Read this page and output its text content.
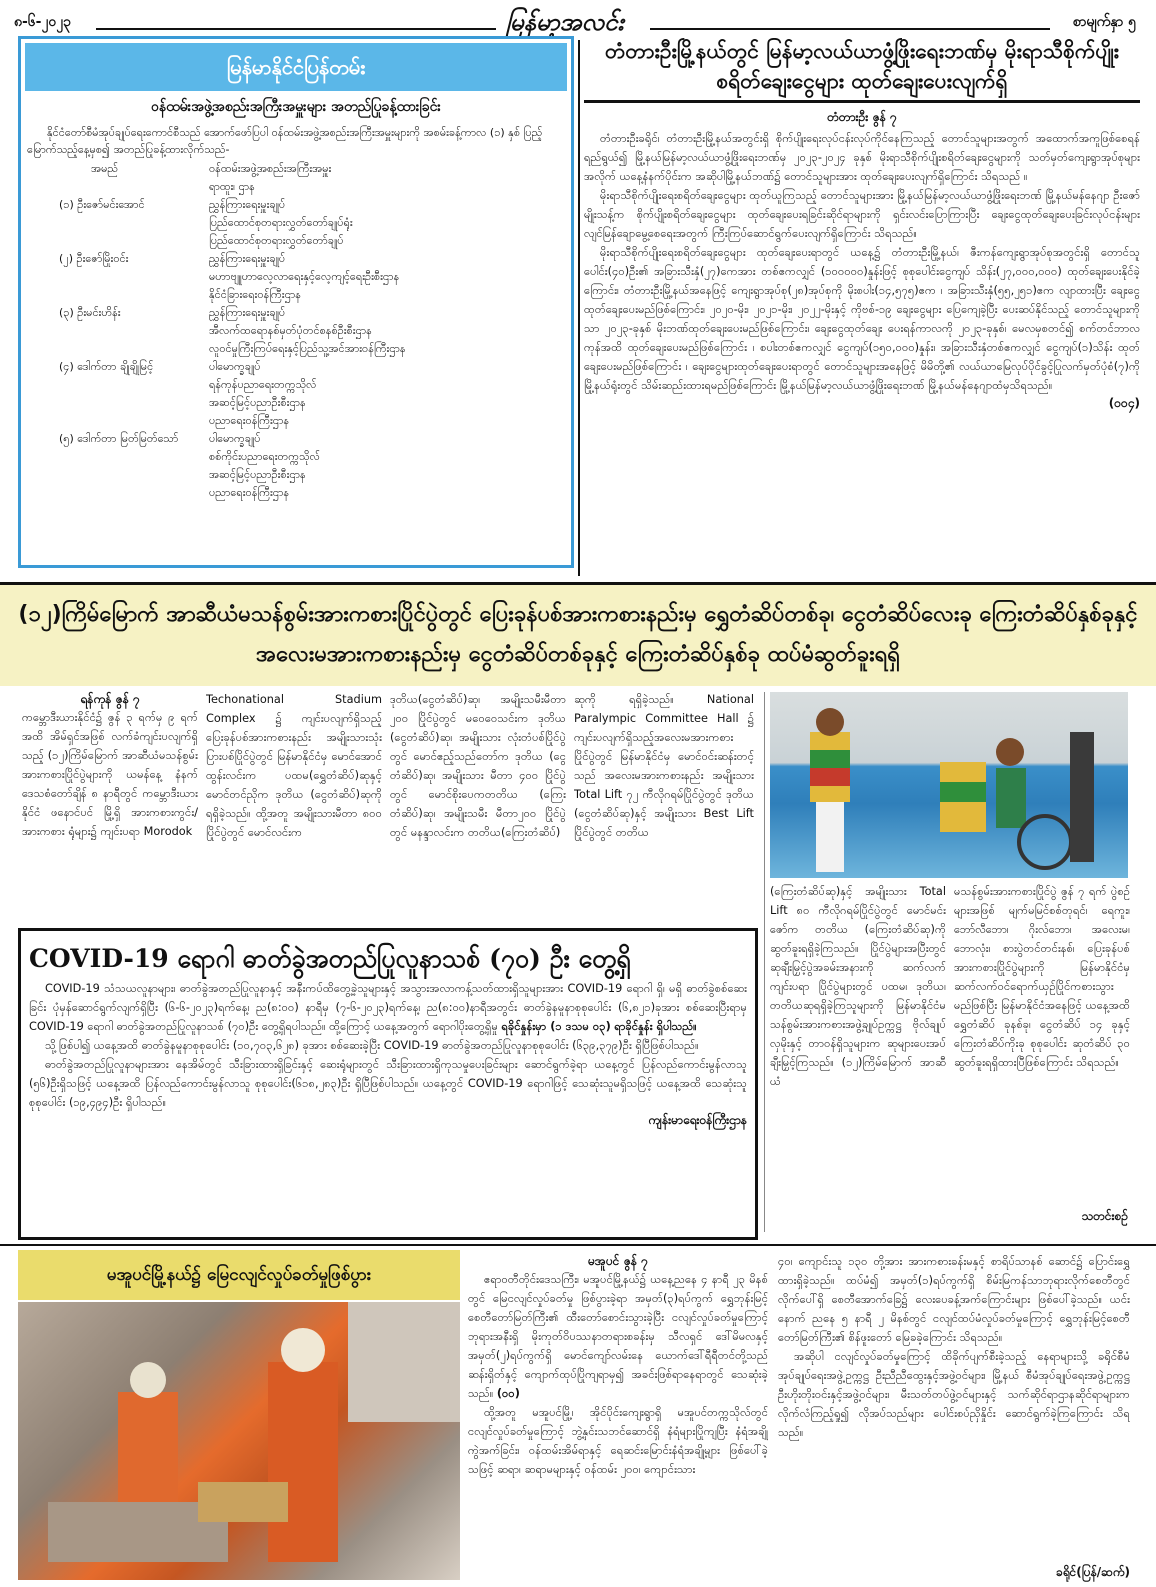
၈-၆-၂၀၂၃	မြန်မာ့အလင်း	စာမျက်နှာ ၅
မြန်မာနိုင်ငံပြန်တမ်း
ဝန်ထမ်းအဖွဲ့အစည်းအကြီးအမှူးများ အတည်ပြုခန့်ထားခြင်း
နိုင်ငံတော်စီမံအုပ်ချုပ်ရေးကောင်စီသည် အောက်ဖော်ပြပါ ဝန်ထမ်းအဖွဲ့အစည်းအကြီးအမှူးများကို အစမ်းခန့်ကာလ (၁) နှစ် ပြည့်မြောက်သည့်နေ့မှစ၍ အတည်ပြုခန့်ထားလိုက်သည်-
အမည်	ဝန်ထမ်းအဖွဲ့အစည်းအကြီးအမှူး
	ရာထူး၊ ဌာန
(၁) ဦးဇော်မင်းအောင်	ညွှန်ကြားရေးမှူးချုပ်
	ပြည်ထောင်စုတရားလွှတ်တော်ချုပ်ရုံး
	ပြည်ထောင်စုတရားလွှတ်တော်ချုပ်
(၂) ဦးဇော်မြိုးဝင်း	ညွှန်ကြားရေးမှူးချုပ်
	မဟာဗျူဟာလေ့လာရေးနှင့်လေ့ကျင့်ရေးဦးစီးဌာန
	နိုင်ငံခြားရေးဝန်ကြီးဌာန
(၃) ဦးမင်းဟိန်း	ညွှန်ကြားရေးမှူးချုပ်
	အီလက်ထရောနစ်မှတ်ပုံတင်စနစ်ဦးစီးဌာန
	လူဝင်မှုကြီးကြပ်ရေးနှင့်ပြည်သူ့အင်အားဝန်ကြီးဌာန
(၄) ဒေါက်တာ ချိုချိုမြင့်	ပါမောက္ခချုပ်
	ရန်ကုန်ပညာရေးတက္ကသိုလ်
	အဆင့်မြင့်ပညာဦးစီးဌာန
	ပညာရေးဝန်ကြီးဌာန
(၅) ဒေါက်တာ မြတ်မြတ်သော်	ပါမောက္ခချုပ်
	စစ်ကိုင်းပညာရေးတက္ကသိုလ်
	အဆင့်မြင့်ပညာဦးစီးဌာန
	ပညာရေးဝန်ကြီးဌာန
တံတားဦးမြို့နယ်တွင် မြန်မာ့လယ်ယာဖွံ့ဖြိုးရေးဘဏ်မှ မိုးရာသီစိုက်ပျိုးစရိတ်ချေးငွေများ ထုတ်ချေးပေးလျက်ရှိ
တံတားဦး ဇွန် ၇

တံတားဦးခရိုင်၊ တံတားဦးမြို့နယ်အတွင်းရှိ စိုက်ပျိုးရေးလုပ်ငန်းလုပ်ကိုင်နေကြသည့် တောင်သူများအတွက် အထောက်အကူဖြစ်စေရန်ရည်ရွယ်၍ မြို့နယ်မြန်မာ့လယ်ယာဖွံ့ဖြိုးရေးဘဏ်မှ ၂၀၂၃-၂၀၂၄ ခုနှစ် မိုးရာသီစိုက်ပျိုးစရိတ်ချေးငွေများကို သတ်မှတ်ကျေးရွာအုပ်စုများအလိုက် ယနေ့နံနက်ပိုင်းက အဆိုပါမြို့နယ်ဘဏ်၌ တောင်သူများအား ထုတ်ချေးပေးလျက်ရှိကြောင်း သိရသည် ။

မိုးရာသီစိုက်ပျိုးရေးစရိတ်ချေးငွေများ ထုတ်ယူကြသည့် တောင်သူများအား မြို့နယ်မြန်မာ့လယ်ယာဖွံ့ဖြိုးရေးဘဏ် မြို့နယ်မန်နေဂျာ ဦးဇော်မျိုးသန့်က စိုက်ပျိုးစရိတ်ချေးငွေများ ထုတ်ချေးပေးရခြင်းဆိုင်ရာများကို ရှင်းလင်းပြောကြားပြီး ချေးငွေထုတ်ချေးပေးခြင်းလုပ်ငန်းများ လျင်မြန်ချောမွေ့စေရေးအတွက် ကြီးကြပ်ဆောင်ရွက်ပေးလျက်ရှိကြောင်း သိရသည်။

မိုးရာသီစိုက်ပျိုးရေးစရိတ်ချေးငွေများ ထုတ်ချေးပေးရာတွင် ယနေ့၌ တံတားဦးမြို့နယ်၊ ဇီးကန်ကျေးရွာအုပ်စုအတွင်းရှိ တောင်သူပေါင်း(၄၀)ဦး၏ အခြားသီးနှံ(၂၇)ကေအား တစ်ဧကလျှင် (၁၀၀၀၀၀)နှုန်းဖြင့် စုစုပေါင်းငွေကျပ် သိန်း(၂၇,၀၀၀,၀၀၀) ထုတ်ချေးပေးနိုင်ခဲ့ကြောင်း၊ တံတားဦးမြို့နယ်အနေဖြင့် ကျေးရွာအုပ်စု(၂၈)အုပ်စုကို မိုးစပါး(၁၄,၅၇၅)ဧက ၊ အခြားသီးနှံ(၅၅,၂၅၁)ဧက လျာထားပြီး ချေးငွေထုတ်ချေးပေးမည်ဖြစ်ကြောင်း၊ ၂၀၂၀-မိုး၊ ၂၀၂၁-မိုး၊ ၂၀၂၂-မိုးနှင့် ကိုဗစ်-၁၉ ချေးငွေများ ပြေကျေခဲ့ပြီး ပေးဆပ်နိုင်သည့် တောင်သူများကိုသာ ၂၀၂၃-ခုနှစ် မိုးဘဏ်ထုတ်ချေးပေးမည်ဖြစ်ကြောင်း၊ ချေးငွေထုတ်ချေး ပေးရန်ကာလကို ၂၀၂၃-ခုနှစ်၊ မေလမှစတင်၍ စက်တင်ဘာလကုန်အထိ ထုတ်ချေးပေးမည်ဖြစ်ကြောင်း ၊ စပါးတစ်ဧကလျှင် ငွေကျပ်(၁၅၀,၀၀၀)နှုန်း၊ အခြားသီးနှံတစ်ဧကလျှင် ငွေကျပ်(၁)သိန်း ထုတ်ချေးပေးမည်ဖြစ်ကြောင်း ၊ ချေးငွေများထုတ်ချေးပေးရာတွင် တောင်သူများအနေဖြင့် မိမိတို့၏ လယ်ယာမြေလုပ်ပိုင်ခွင့်ပြုလက်မှတ်ပုံစံ(၇)ကို မြို့နယ်ရုံးတွင် သိမ်းဆည်းထားရမည်ဖြစ်ကြောင်း မြို့နယ်မြန်မာ့လယ်ယာဖွံ့ဖြိုးရေးဘဏ် မြို့နယ်မန်နေဂျာထံမှသိရသည်။

(၀၀၄)
(၁၂)ကြိမ်မြောက် အာဆီယံမသန်စွမ်းအားကစားပြိုင်ပွဲတွင် ပြေးခုန်ပစ်အားကစားနည်းမှ ရွှေတံဆိပ်တစ်ခု၊ ငွေတံဆိပ်လေးခု ကြေးတံဆိပ်နှစ်ခုနှင့် အလေးမအားကစားနည်းမှ ငွေတံဆိပ်တစ်ခုနှင့် ကြေးတံဆိပ်နှစ်ခု ထပ်မံဆွတ်ခူးရရှိ
ရန်ကုန် ဇွန် ၇
ကမ္ဘောဒီးယားနိုင်ငံ၌ ဇွန် ၃ ရက်မှ ၉ ရက်အထိ အိမ်ရှင်အဖြစ် လက်ခံကျင်းပလျက်ရှိသည့် (၁၂)ကြိမ်မြောက် အာဆီယံမသန်စွမ်းအားကစားပြိုင်ပွဲများကို ယမန်နေ့ နံနက်ဒေသစံတော်ချိန် ၈ နာရီတွင် ကမ္ဘောဒီးယားနိုင်ငံ ဖနောင်ပင် မြို့ရှိ အားကစားကွင်း/အားကစား ရုံများ၌ ကျင်းပရာ Morodok
Techonational Stadium Complex ၌ ကျင်းပလျက်ရှိသည့် ပြေးခုန်ပစ်အားကစားနည်း အမျိုးသားသုံးပြားပစ်ပြိုင်ပွဲတွင် မြန်မာနိုင်ငံမှ မောင်အောင်ထွန်းလင်းက ပထမ(ရွှေတံဆိပ်)ဆုနှင့် မောင်တင်ညိုက ဒုတိယ (ငွေတံဆိပ်)ဆုကို ရရှိခဲ့သည်။ ထို့အတူ အမျိုးသားမီတာ ၈၀၀ ပြိုင်ပွဲတွင် မောင်လင်းက
ဒုတိယ(ငွေတံဆိပ်)ဆု၊ အမျိုးသမီးမီတာ ၂၀၀ ပြိုင်ပွဲတွင် မဝေဝေသင်းက ဒုတိယ (ငွေတံဆိပ်)ဆု၊ အမျိုးသား လုံးတံပစ်ပြိုင်ပွဲတွင် မောင်ဧည့်သည်တော်က ဒုတိယ (ငွေတံဆိပ်)ဆု၊ အမျိုးသား မီတာ ၄၀၀ ပြိုင်ပွဲတွင် မောင်စိုးပေကတတိယ (ကြေးတံဆိပ်)ဆု၊ အမျိုးသမီး မီတာ၂၀၀ ပြိုင်ပွဲတွင် မနန္ဒာလင်းက တတိယ(ကြေးတံဆိပ်)
ဆုကို ရရှိခဲ့သည်။ National Paralympic Committee Hall ၌ ကျင်းပလျက်ရှိသည့်အလေးမအားကစားပြိုင်ပွဲတွင် မြန်မာနိုင်ငံမှ မောင်ဝင်းဆန်းတင့်သည် အလေးမအားကစားနည်း အမျိုးသား Total Lift ၇၂ ကီလိုဂရမ်ပြိုင်ပွဲတွင် ဒုတိယ (ငွေတံဆိပ်ဆု)နှင့် အမျိုးသား Best Lift ပြိုင်ပွဲတွင် တတိယ
(ကြေးတံဆိပ်ဆု)နှင့် အမျိုးသား Total Lift ၈၀ ကီလိုဂရမ်ပြိုင်ပွဲတွင် မောင်မင်းဇော်က တတိယ (ကြေးတံဆိပ်ဆု)ကို ဆွတ်ခူးရရှိခဲ့ကြသည်။ ပြိုင်ပွဲများအပြီးတွင် ဆုချီးမြှင့်ပွဲအခမ်းအနားကို ဆက်လက်ကျင်းပရာ ပြိုင်ပွဲများတွင် ပထမ၊ ဒုတိယ၊ တတိယဆုရရှိခဲ့ကြသူများကို မြန်မာနိုင်ငံမသန်စွမ်းအားကစားအဖွဲ့ချုပ်ဥက္ကဋ္ဌ ဗိုလ်ချုပ်လှမိုးနှင့် တာဝန်ရှိသူများက ဆုများပေးအပ်ချီးမြှင့်ကြသည်။ (၁၂)ကြိမ်မြောက် အာဆီယံ
မသန်စွမ်းအားကစားပြိုင်ပွဲ ဇွန် ၇ ရက် ပွဲစဉ်များအဖြစ် မျက်မမြင်စစ်တုရင်၊ ရေကူး၊ ဘော်လီဘော၊ ဂိုးလ်ဘော၊ အလေးမ၊ ဘောလုံး၊ စားပွဲတင်တင်းနစ်၊ ပြေးခုန်ပစ် အားကစားပြိုင်ပွဲများကို မြန်မာနိုင်ငံမှ ဆက်လက်ဝင်ရောက်ယှဉ်ပြိုင်ကစားသွားမည်ဖြစ်ပြီး မြန်မာနိုင်ငံအနေဖြင့် ယနေ့အထိ ရွှေတံဆိပ် ခုနစ်ခု၊ ငွေတံဆိပ် ၁၄ ခုနှင့် ကြေးတံဆိပ်ကိုးခု စုစုပေါင်း ဆုတံဆိပ် ၃၀ ဆွတ်ခူးရရှိထားပြီဖြစ်ကြောင်း သိရသည်။
သတင်းစဉ်
COVID-19 ရောဂါ ဓာတ်ခွဲအတည်ပြုလူနာသစ် (၇၀) ဦး တွေ့ရှိ

COVID-19 သံသယလူနာများ၊ ဓာတ်ခွဲအတည်ပြုလူနာနှင့် အနီးကပ်ထိတွေ့ခဲ့သူများနှင့် အသွားအလာကန့်သတ်ထားရှိသူများအား COVID-19 ရောဂါ ရှိ၊ မရှိ ဓာတ်ခွဲစစ်ဆေးခြင်း ပုံမှန်ဆောင်ရွက်လျက်ရှိပြီး (၆-၆-၂၀၂၃)ရက်နေ့၊ ည(၈:၀၀) နာရီမှ (၇-၆-၂၀၂၃)ရက်နေ့၊ ည(၈:၀၀)နာရီအတွင်း ဓာတ်ခွဲနမူနာစုစုပေါင်း (၆,၈၂၁)ခုအား စစ်ဆေးပြီးရာမှ COVID-19 ရောဂါ ဓာတ်ခွဲအတည်ပြုလူနာသစ် (၇၀)ဦး တွေ့ရှိရပါသည်။ ထို့ကြောင့် ယနေ့အတွက် ရောဂါပိုးတွေ့ရှိမှု ရခိုင်နှုန်းမှာ (၁ ဒသမ ၀၃) ရာခိုင်နှုန်း ရှိပါသည်။

သို့ဖြစ်ပါ၍ ယနေ့အထိ ဓာတ်ခွဲနမူနာစုစုပေါင်း (၁၀,၇၀၃,၆၂၈) ခုအား စစ်ဆေးခဲ့ပြီး COVID-19 ဓာတ်ခွဲအတည်ပြုလူနာစုစုပေါင်း (၆၃၉,၃၇၉)ဦး ရှိပြီဖြစ်ပါသည်။

ဓာတ်ခွဲအတည်ပြုလူနာများအား နေအိမ်တွင် သီးခြားထားရှိခြင်းနှင့် ဆေးရုံများတွင် သီးခြားထားရှိကုသမှုပေးခြင်းများ ဆောင်ရွက်ခဲ့ရာ ယနေ့တွင် ပြန်လည်ကောင်းမွန်လာသူ (၅၆)ဦးရှိသဖြင့် ယနေ့အထိ ပြန်လည်ကောင်းမွန်လာသူ စုစုပေါင်း(၆၁၈,၂၈၃)ဦး ရှိပြီဖြစ်ပါသည်။ ယနေ့တွင် COVID-19 ရောဂါဖြင့် သေဆုံးသူမရှိသဖြင့် ယနေ့အထိ သေဆုံးသူစုစုပေါင်း (၁၉,၄၉၄)ဦး ရှိပါသည်။

ကျန်းမာရေးဝန်ကြီးဌာန
မအူပင်မြို့နယ်၌ မြေငလျင်လှုပ်ခတ်မှုဖြစ်ပွား
မအူပင် ဇွန် ၇

ဧရာဝတီတိုင်းဒေသကြီး၊ မအူပင်မြို့နယ်၌ ယနေ့ညနေ ၄ နာရီ ၂၃ မိနစ်တွင် မြေငလျင်လှုပ်ခတ်မှု ဖြစ်ပွားခဲ့ရာ အမှတ်(၃)ရပ်ကွက် ရွှေဘုန်းမြင့်စေတီတော်မြတ်ကြီး၏ ထီးတော်စောင်းသွားခဲ့ပြီး ငလျင်လှုပ်ခတ်မှုကြောင့် ဘုရားအနီးရှိ မိုးကုတ်ဝိပဿနာတရားစခန်းမှ သီလရှင် ဒေါ်မိမလနှင့် အမှတ်(၂)ရပ်ကွက်ရှိ မောင်ကျော်လမ်းနေ ယောက်ဒေါ်ရီရီတင်တို့သည် ဆန်းရှိတ်နှင့် ကျောက်ထုပ်ပြိုကျရာမှ၍ အခင်းဖြစ်ရာနေရာတွင် သေဆုံးခဲ့သည်။ (ဝဝ)

ထို့အတူ မအူပင်မြို့၊ အိုင်ပိုင်းကျေးရွာရှိ မအူပင်တက္ကသိုလ်တွင် ငလျင်လှုပ်ခတ်မှုကြောင့် ဘွဲ့နှင်းသဘင်ဆောင်ရှိ နံရံများပြိုကျပြီး နံရံအချို့ကွဲအက်ခြင်း၊ ဝန်ထမ်းအိမ်ရာနှင့် ရေဆင်းမြောင်းနံရံအချို့များ ဖြစ်ပေါ်ခဲ့သဖြင့် ဆရာ၊ ဆရာမများနှင့် ဝန်ထမ်း ၂၀၀၊ ကျောင်းသား

၄၀၊ ကျောင်းသူ ၁၃၀ တို့အား အားကစားခန်းမနှင့် စာရိပ်သာနစ် ဆောင်၌ ပြောင်းရွှေ့ထားရှိခဲ့သည်။ ထပ်မံ၍ အမှတ်(၁)ရပ်ကွက်ရှိ စိမ်းမြကန်သာဘုရားလိုက်စေတီတွင် လိုက်ပေါ်ရှိ စေတီအောက်ခြေ၌ လေးပေခန့်အက်ကြောင်းများ ဖြစ်ပေါ်ခဲ့သည်။ ယင်းနောက် ညနေ ၅ နာရီ ၂ မိနစ်တွင် ငလျင်ထပ်မံလှုပ်ခတ်မှုကြောင့် ရွှေဘုန်းမြင့်စေတီတော်မြတ်ကြီး၏ စိန်ဖူးတော် မြေခခဲ့ကြောင်း သိရသည်။

အဆိုပါ ငလျင်လှုပ်ခတ်မှုကြောင့် ထိခိုက်ပျက်စီးခဲ့သည့် နေရာများသို့ ခရိုင်စီမံအုပ်ချုပ်ရေးအဖွဲ့ဥက္ကဋ္ဌ ဦးညီညီထွေးနှင့်အဖွဲ့ဝင်များ၊ မြို့နယ် စီမံအုပ်ချုပ်ရေးအဖွဲ့ဥက္ကဋ္ဌ ဦးဟိုးတိုးဝင်းနှင့်အဖွဲ့ဝင်များ၊ မီးသတ်တပ်ဖွဲ့ဝင်များနှင့် သက်ဆိုင်ရာဌာနဆိုင်ရာများက လိုက်လံကြည့်ရှု၍ လိုအပ်သည်များ ပေါင်းစပ်ညှိနှိုင်း ဆောင်ရွက်ခဲ့ကြကြောင်း သိရသည်။

ခရိုင်(ပြန်/ဆက်)
